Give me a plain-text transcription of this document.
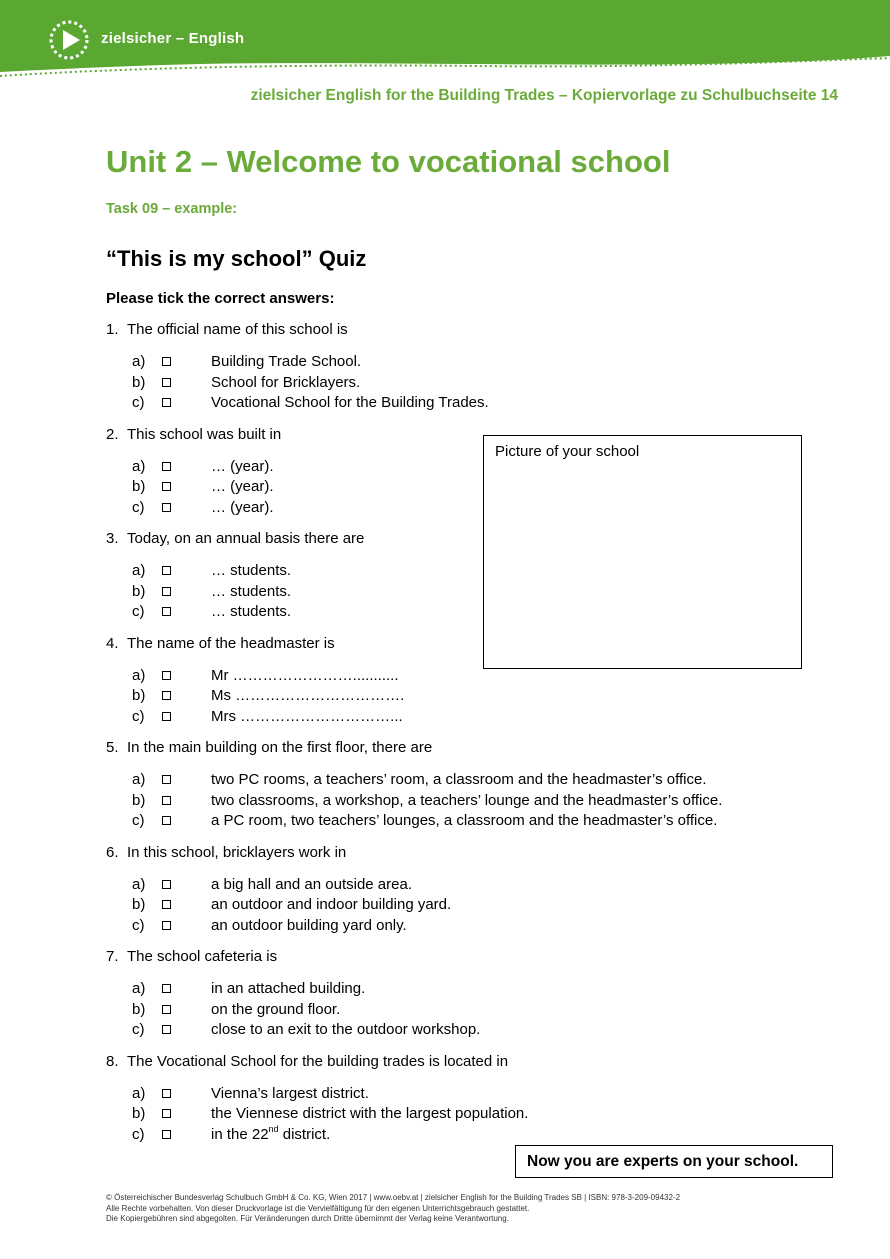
zielsicher – English
zielsicher English for the Building Trades – Kopiervorlage zu Schulbuchseite 14
Unit 2 – Welcome to vocational school
Task 09 – example:
“This is my school” Quiz
Please tick the correct answers:
1. The official name of this school is
a)	Building Trade School.
b)	School for Bricklayers.
c)	Vocational School for the Building Trades.
2. This school was built in
a)	… (year).
b)	… (year).
c)	… (year).
3. Today, on an annual basis there are
a)	… students.
b)	… students.
c)	… students.
4. The name of the headmaster is
a)	Mr ……………………...........
b)	Ms …………………………….
c)	Mrs …………………………...
5. In the main building on the first floor, there are
a)	two PC rooms, a teachers’ room, a classroom and the headmaster’s office.
b)	two classrooms, a workshop, a teachers’ lounge and the headmaster’s office.
c)	a PC room, two teachers’ lounges, a classroom and the headmaster’s office.
6. In this school, bricklayers work in
a)	a big hall and an outside area.
b)	an outdoor and indoor building yard.
c)	an outdoor building yard only.
7. The school cafeteria is
a)	in an attached building.
b)	on the ground floor.
c)	close to an exit to the outdoor workshop.
8. The Vocational School for the building trades is located in
a)	Vienna’s largest district.
b)	the Viennese district with the largest population.
c)	in the 22nd district.
Picture of your school
Now you are experts on your school.
© Österreichischer Bundesverlag Schulbuch GmbH & Co. KG, Wien 2017 | www.oebv.at | zielsicher English for the Building Trades SB | ISBN: 978-3-209-09432-2
Alle Rechte vorbehalten. Von dieser Druckvorlage ist die Vervielfältigung für den eigenen Unterrichtsgebrauch gestattet.
Die Kopiergebühren sind abgegolten. Für Veränderungen durch Dritte übernimmt der Verlag keine Verantwortung.
